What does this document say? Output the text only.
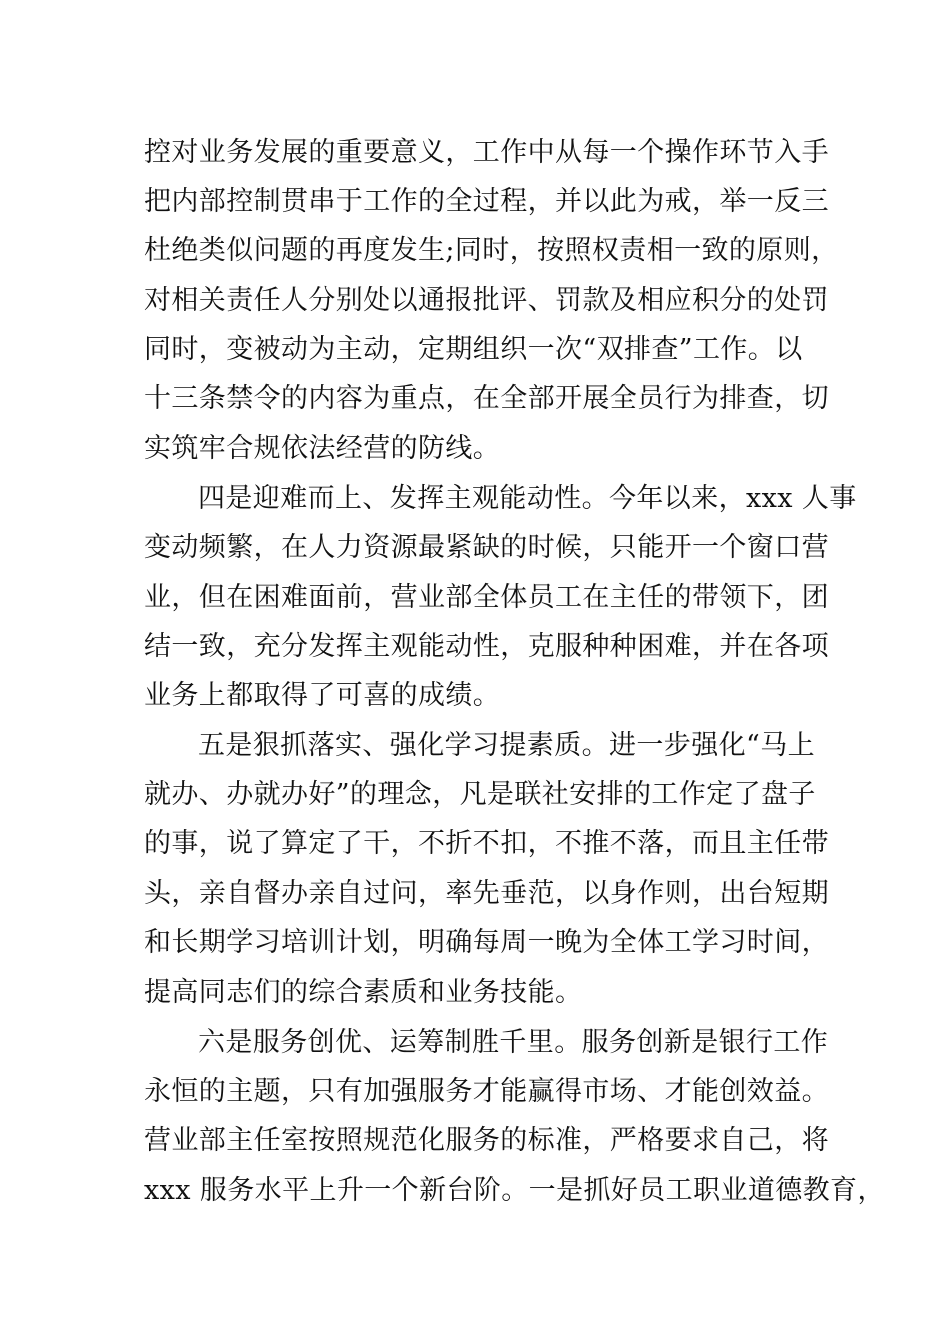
控对业务发展的重要意义，工作中从每一个操作环节入手
把内部控制贯串于工作的全过程，并以此为戒，举一反三
杜绝类似问题的再度发生;同时，按照权责相一致的原则，
对相关责任人分别处以通报批评、罚款及相应积分的处罚
同时，变被动为主动，定期组织一次“双排查”工作。以
十三条禁令的内容为重点，在全部开展全员行为排查，切
实筑牢合规依法经营的防线。
四是迎难而上、发挥主观能动性。今年以来，xxx 人事
变动频繁，在人力资源最紧缺的时候，只能开一个窗口营
业，但在困难面前，营业部全体员工在主任的带领下，团
结一致，充分发挥主观能动性，克服种种困难，并在各项
业务上都取得了可喜的成绩。
五是狠抓落实、强化学习提素质。进一步强化“马上
就办、办就办好”的理念，凡是联社安排的工作定了盘子
的事，说了算定了干，不折不扣，不推不落，而且主任带
头，亲自督办亲自过问，率先垂范，以身作则，出台短期
和长期学习培训计划，明确每周一晚为全体工学习时间，
提高同志们的综合素质和业务技能。
六是服务创优、运筹制胜千里。服务创新是银行工作
永恒的主题，只有加强服务才能赢得市场、才能创效益。
营业部主任室按照规范化服务的标准，严格要求自己，将
xxx 服务水平上升一个新台阶。一是抓好员工职业道德教育，
